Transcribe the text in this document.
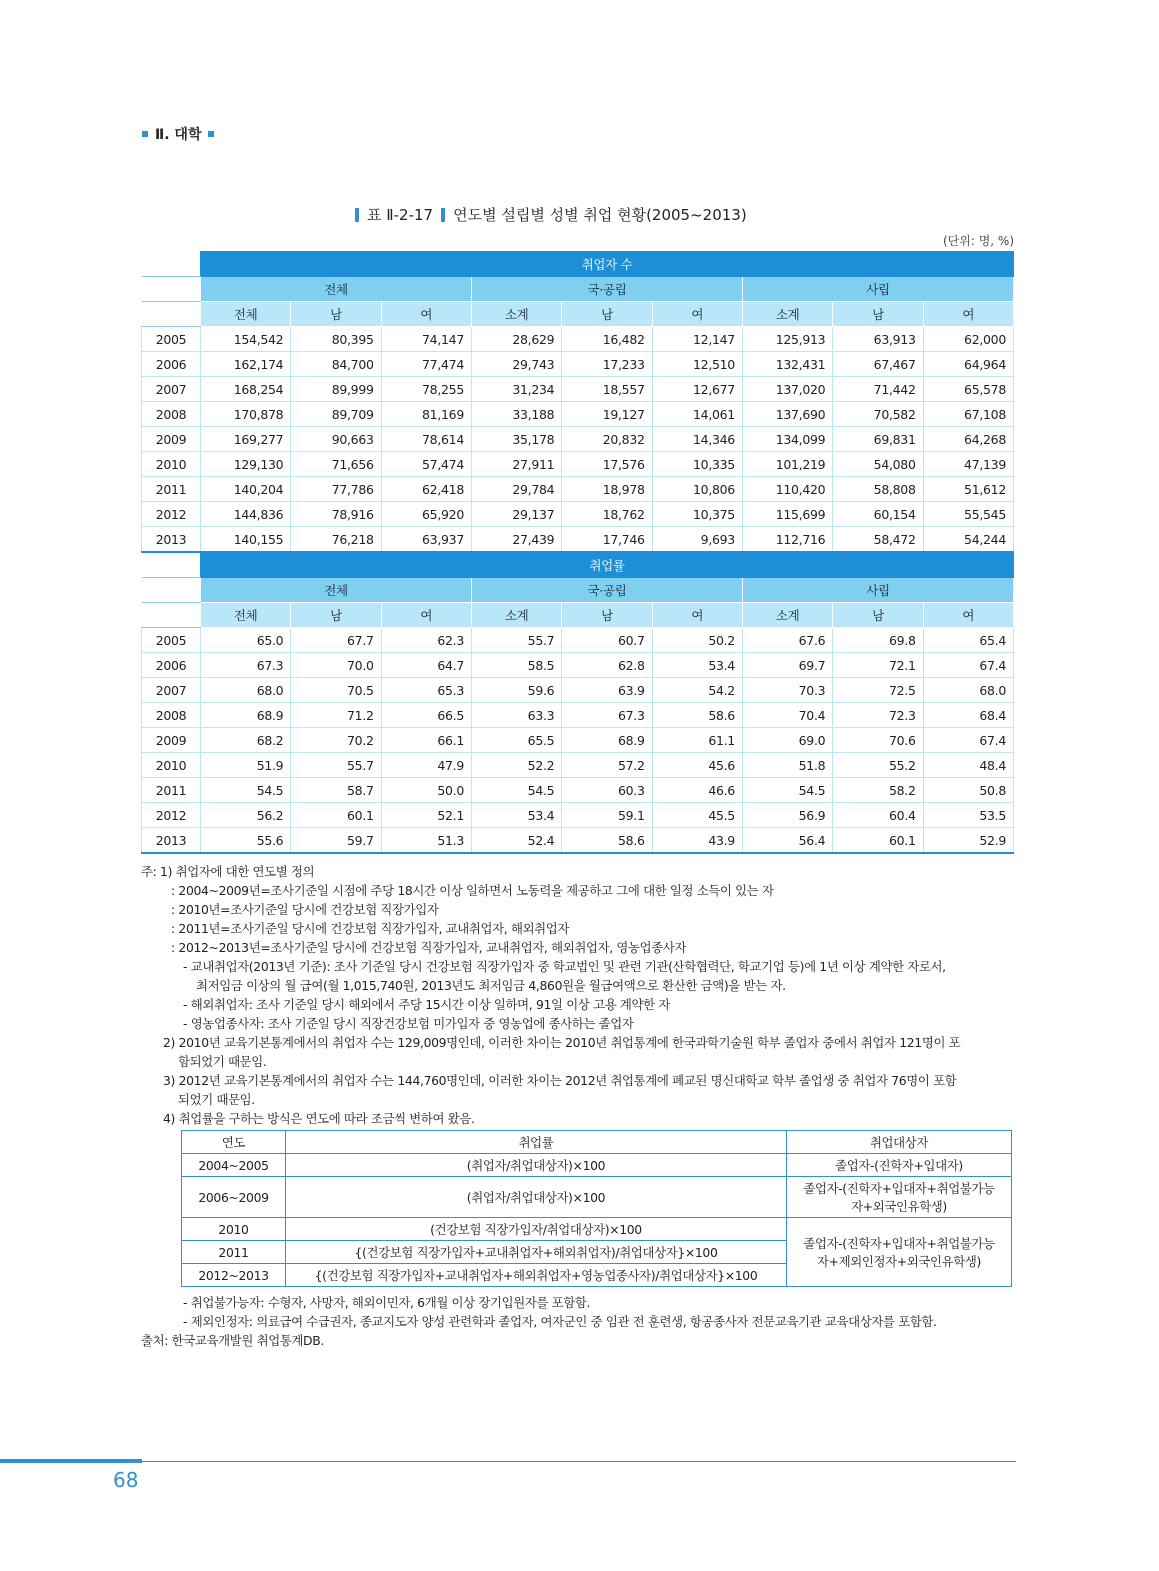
Ⅱ. 대학
표 Ⅱ-2-17 연도별 설립별 성별 취업 현황(2005~2013)
(단위: 명, %)
	취업자 수								
	전체			국·공립			사립		
	전체	남	여	소계	남	여	소계	남	여
2005	154,542	80,395	74,147	28,629	16,482	12,147	125,913	63,913	62,000
2006	162,174	84,700	77,474	29,743	17,233	12,510	132,431	67,467	64,964
2007	168,254	89,999	78,255	31,234	18,557	12,677	137,020	71,442	65,578
2008	170,878	89,709	81,169	33,188	19,127	14,061	137,690	70,582	67,108
2009	169,277	90,663	78,614	35,178	20,832	14,346	134,099	69,831	64,268
2010	129,130	71,656	57,474	27,911	17,576	10,335	101,219	54,080	47,139
2011	140,204	77,786	62,418	29,784	18,978	10,806	110,420	58,808	51,612
2012	144,836	78,916	65,920	29,137	18,762	10,375	115,699	60,154	55,545
2013	140,155	76,218	63,937	27,439	17,746	9,693	112,716	58,472	54,244
	취업률								
	전체			국·공립			사립		
	전체	남	여	소계	남	여	소계	남	여
2005	65.0	67.7	62.3	55.7	60.7	50.2	67.6	69.8	65.4
2006	67.3	70.0	64.7	58.5	62.8	53.4	69.7	72.1	67.4
2007	68.0	70.5	65.3	59.6	63.9	54.2	70.3	72.5	68.0
2008	68.9	71.2	66.5	63.3	67.3	58.6	70.4	72.3	68.4
2009	68.2	70.2	66.1	65.5	68.9	61.1	69.0	70.6	67.4
2010	51.9	55.7	47.9	52.2	57.2	45.6	51.8	55.2	48.4
2011	54.5	58.7	50.0	54.5	60.3	46.6	54.5	58.2	50.8
2012	56.2	60.1	52.1	53.4	59.1	45.5	56.9	60.4	53.5
2013	55.6	59.7	51.3	52.4	58.6	43.9	56.4	60.1	52.9

주: 1) 취업자에 대한 연도별 정의

: 2004~2009년=조사기준일 시점에 주당 18시간 이상 일하면서 노동력을 제공하고 그에 대한 일정 소득이 있는 자

: 2010년=조사기준일 당시에 건강보험 직장가입자

: 2011년=조사기준일 당시에 건강보험 직장가입자, 교내취업자, 해외취업자

: 2012~2013년=조사기준일 당시에 건강보험 직장가입자, 교내취업자, 해외취업자, 영농업종사자

- 교내취업자(2013년 기준): 조사 기준일 당시 건강보험 직장가입자 중 학교법인 및 관련 기관(산학협력단, 학교기업 등)에 1년 이상 계약한 자로서,

최저임금 이상의 월 급여(월 1,015,740원, 2013년도 최저임금 4,860원을 월급여액으로 환산한 금액)을 받는 자.

- 해외취업자: 조사 기준일 당시 해외에서 주당 15시간 이상 일하며, 91일 이상 고용 계약한 자

- 영농업종사자: 조사 기준일 당시 직장건강보험 미가입자 중 영농업에 종사하는 졸업자

2) 2010년 교육기본통계에서의 취업자 수는 129,009명인데, 이러한 차이는 2010년 취업통계에 한국과학기술원 학부 졸업자 중에서 취업자 121명이 포

함되었기 때문임.

3) 2012년 교육기본통계에서의 취업자 수는 144,760명인데, 이러한 차이는 2012년 취업통계에 폐교된 명신대학교 학부 졸업생 중 취업자 76명이 포함

되었기 때문임.

4) 취업률을 구하는 방식은 연도에 따라 조금씩 변하여 왔음.

연도	취업률	취업대상자
2004~2005	(취업자/취업대상자)×100	졸업자-(진학자+입대자)
2006~2009	(취업자/취업대상자)×100	졸업자-(진학자+입대자+취업불가능
자+외국인유학생)

2010	(건강보험 직장가입자/취업대상자)×100	졸업자-(진학자+입대자+취업불가능
자+제외인정자+외국인유학생)

2011	{(건강보험 직장가입자+교내취업자+해외취업자)/취업대상자}×100	
2012~2013	{(건강보험 직장가입자+교내취업자+해외취업자+영농업종사자)/취업대상자}×100	

- 취업불가능자: 수형자, 사망자, 해외이민자, 6개월 이상 장기입원자를 포함함.

- 제외인정자: 의료급여 수급권자, 종교지도자 양성 관련학과 졸업자, 여자군인 중 임관 전 훈련생, 항공종사자 전문교육기관 교육대상자를 포함함.

출처: 한국교육개발원 취업통계DB.

68
